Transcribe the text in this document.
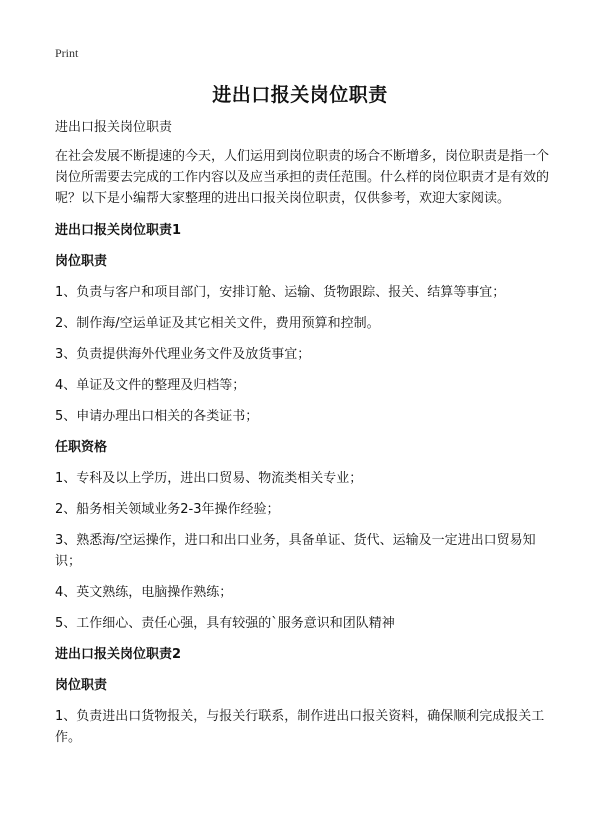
Print
进出口报关岗位职责

进出口报关岗位职责

在社会发展不断提速的今天，人们运用到岗位职责的场合不断增多，岗位职责是指一个岗位所需要去完成的工作内容以及应当承担的责任范围。什么样的岗位职责才是有效的呢？以下是小编帮大家整理的进出口报关岗位职责，仅供参考，欢迎大家阅读。

进出口报关岗位职责1

岗位职责

1、负责与客户和项目部门，安排订舱、运输、货物跟踪、报关、结算等事宜；

2、制作海/空运单证及其它相关文件，费用预算和控制。

3、负责提供海外代理业务文件及放货事宜；

4、单证及文件的整理及归档等；

5、申请办理出口相关的各类证书；

任职资格

1、专科及以上学历，进出口贸易、物流类相关专业；

2、船务相关领域业务2-3年操作经验；

3、熟悉海/空运操作，进口和出口业务，具备单证、货代、运输及一定进出口贸易知识；

4、英文熟练，电脑操作熟练；

5、工作细心、责任心强，具有较强的`服务意识和团队精神

进出口报关岗位职责2

岗位职责

1、负责进出口货物报关，与报关行联系，制作进出口报关资料，确保顺利完成报关工作。
